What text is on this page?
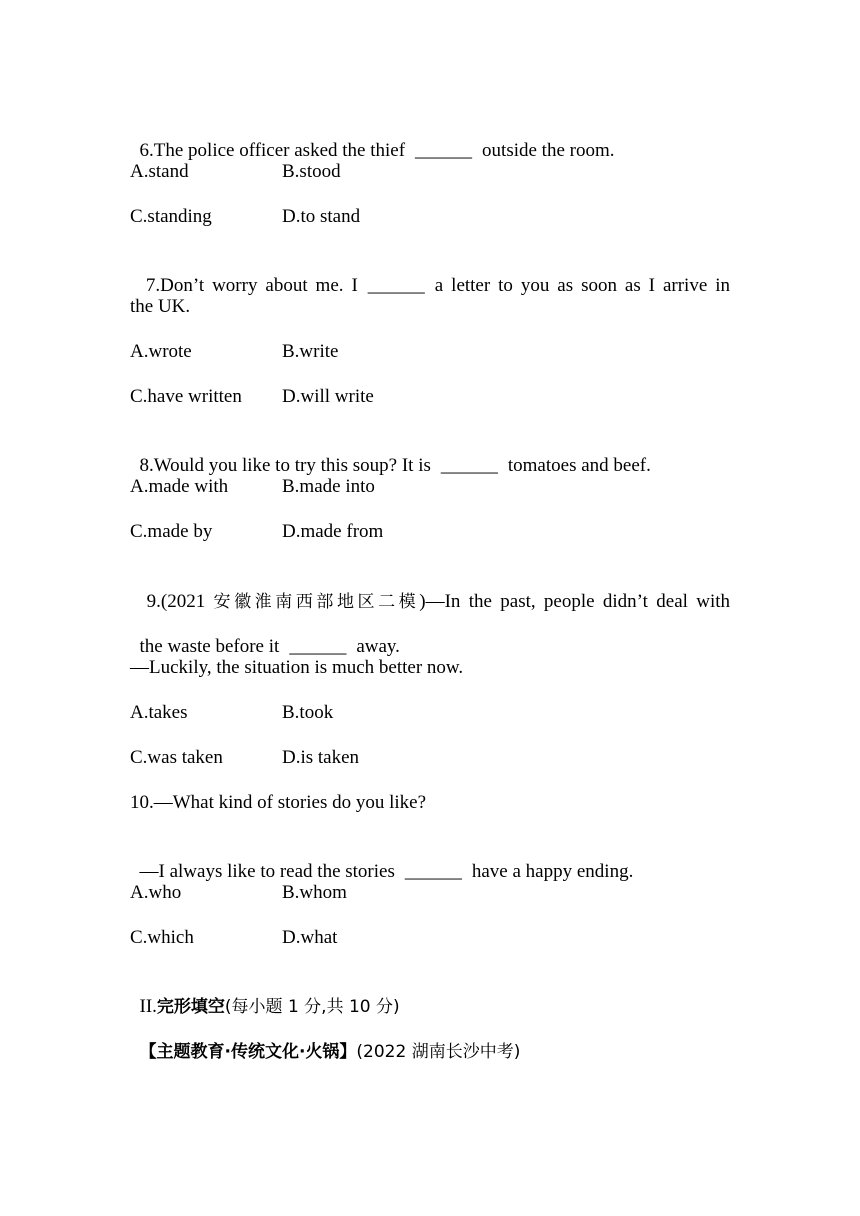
6.The police officer asked the thief ______ outside the room.

A.stand	B.stood
C.standing	D.to stand

7.Don’t worry about me. I ______ a letter to you as soon as I arrive in

the UK.
A.wrote	B.write
C.have written D.will write

8.Would you like to try this soup? It is ______ tomatoes and beef.

A.made with	B.made into
C.made by	D.made from

9.(2021 安徽淮南西部地区二模)—In the past, people didn’t deal with

the waste before it ______ away.

—Luckily, the situation is much better now.
A.takes	B.took
C.was taken	D.is taken
10.—What kind of stories do you like?

—I always like to read the stories ______ have a happy ending.

A.who	B.whom
C.which	D.what

II.完形填空(每小题 1 分,共 10 分)

【主题教育·传统文化·火锅】(2022 湖南长沙中考)
